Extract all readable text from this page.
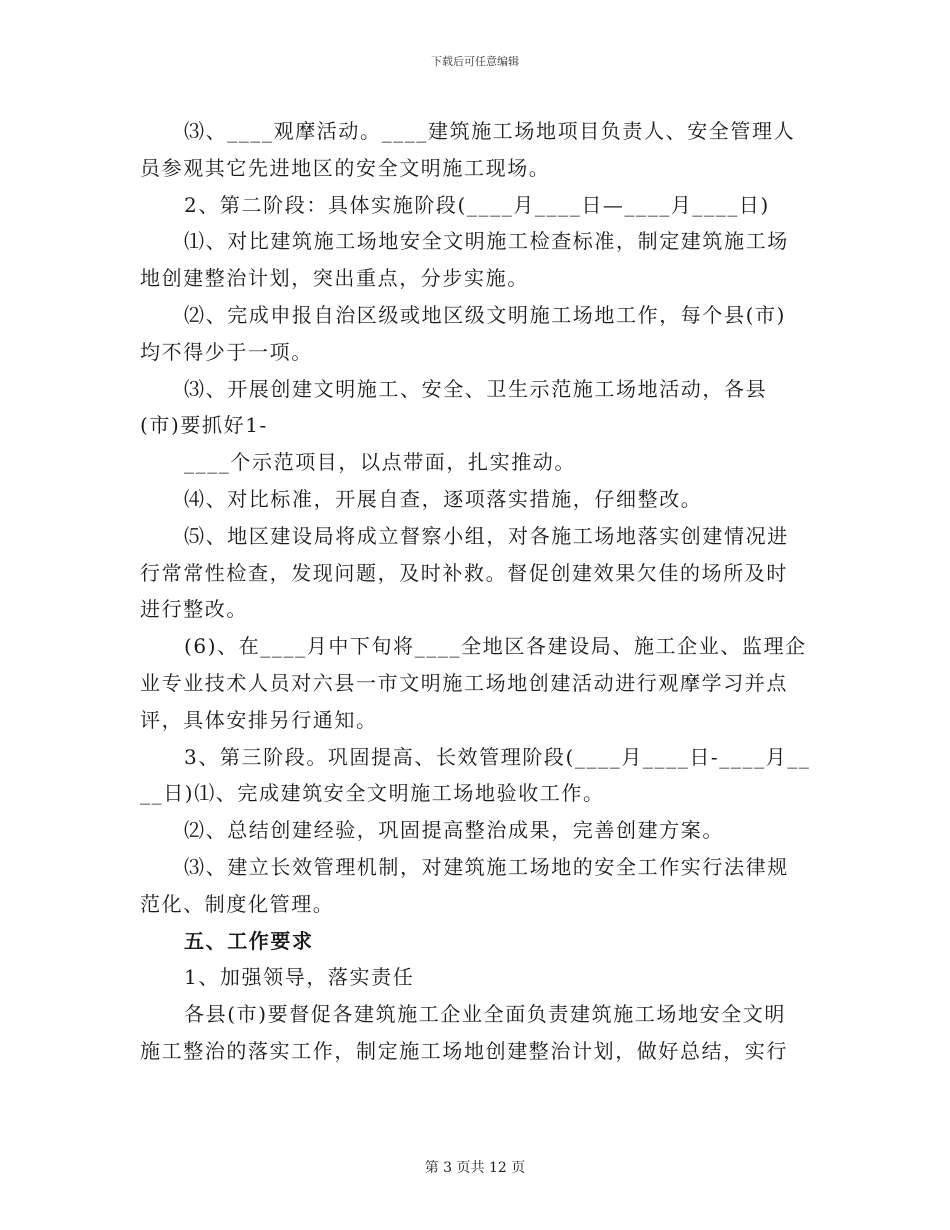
下载后可任意编辑
⑶、____观摩活动。____建筑施工场地项目负责人、安全管理人
员参观其它先进地区的安全文明施工现场。
2、第二阶段：具体实施阶段(____月____日—____月____日)
⑴、对比建筑施工场地安全文明施工检查标准，制定建筑施工场
地创建整治计划，突出重点，分步实施。
⑵、完成申报自治区级或地区级文明施工场地工作，每个县(市)
均不得少于一项。
⑶、开展创建文明施工、安全、卫生示范施工场地活动，各县
(市)要抓好1-
____个示范项目，以点带面，扎实推动。
⑷、对比标准，开展自查，逐项落实措施，仔细整改。
⑸、地区建设局将成立督察小组，对各施工场地落实创建情况进
行常常性检查，发现问题，及时补救。督促创建效果欠佳的场所及时
进行整改。
(6)、在____月中下旬将____全地区各建设局、施工企业、监理企
业专业技术人员对六县一市文明施工场地创建活动进行观摩学习并点
评，具体安排另行通知。
3、第三阶段。巩固提高、长效管理阶段(____月____日-____月__
__日)⑴、完成建筑安全文明施工场地验收工作。
⑵、总结创建经验，巩固提高整治成果，完善创建方案。
⑶、建立长效管理机制，对建筑施工场地的安全工作实行法律规
范化、制度化管理。
五、工作要求
1、加强领导，落实责任
各县(市)要督促各建筑施工企业全面负责建筑施工场地安全文明
施工整治的落实工作，制定施工场地创建整治计划，做好总结，实行
第 3 页共 12 页
